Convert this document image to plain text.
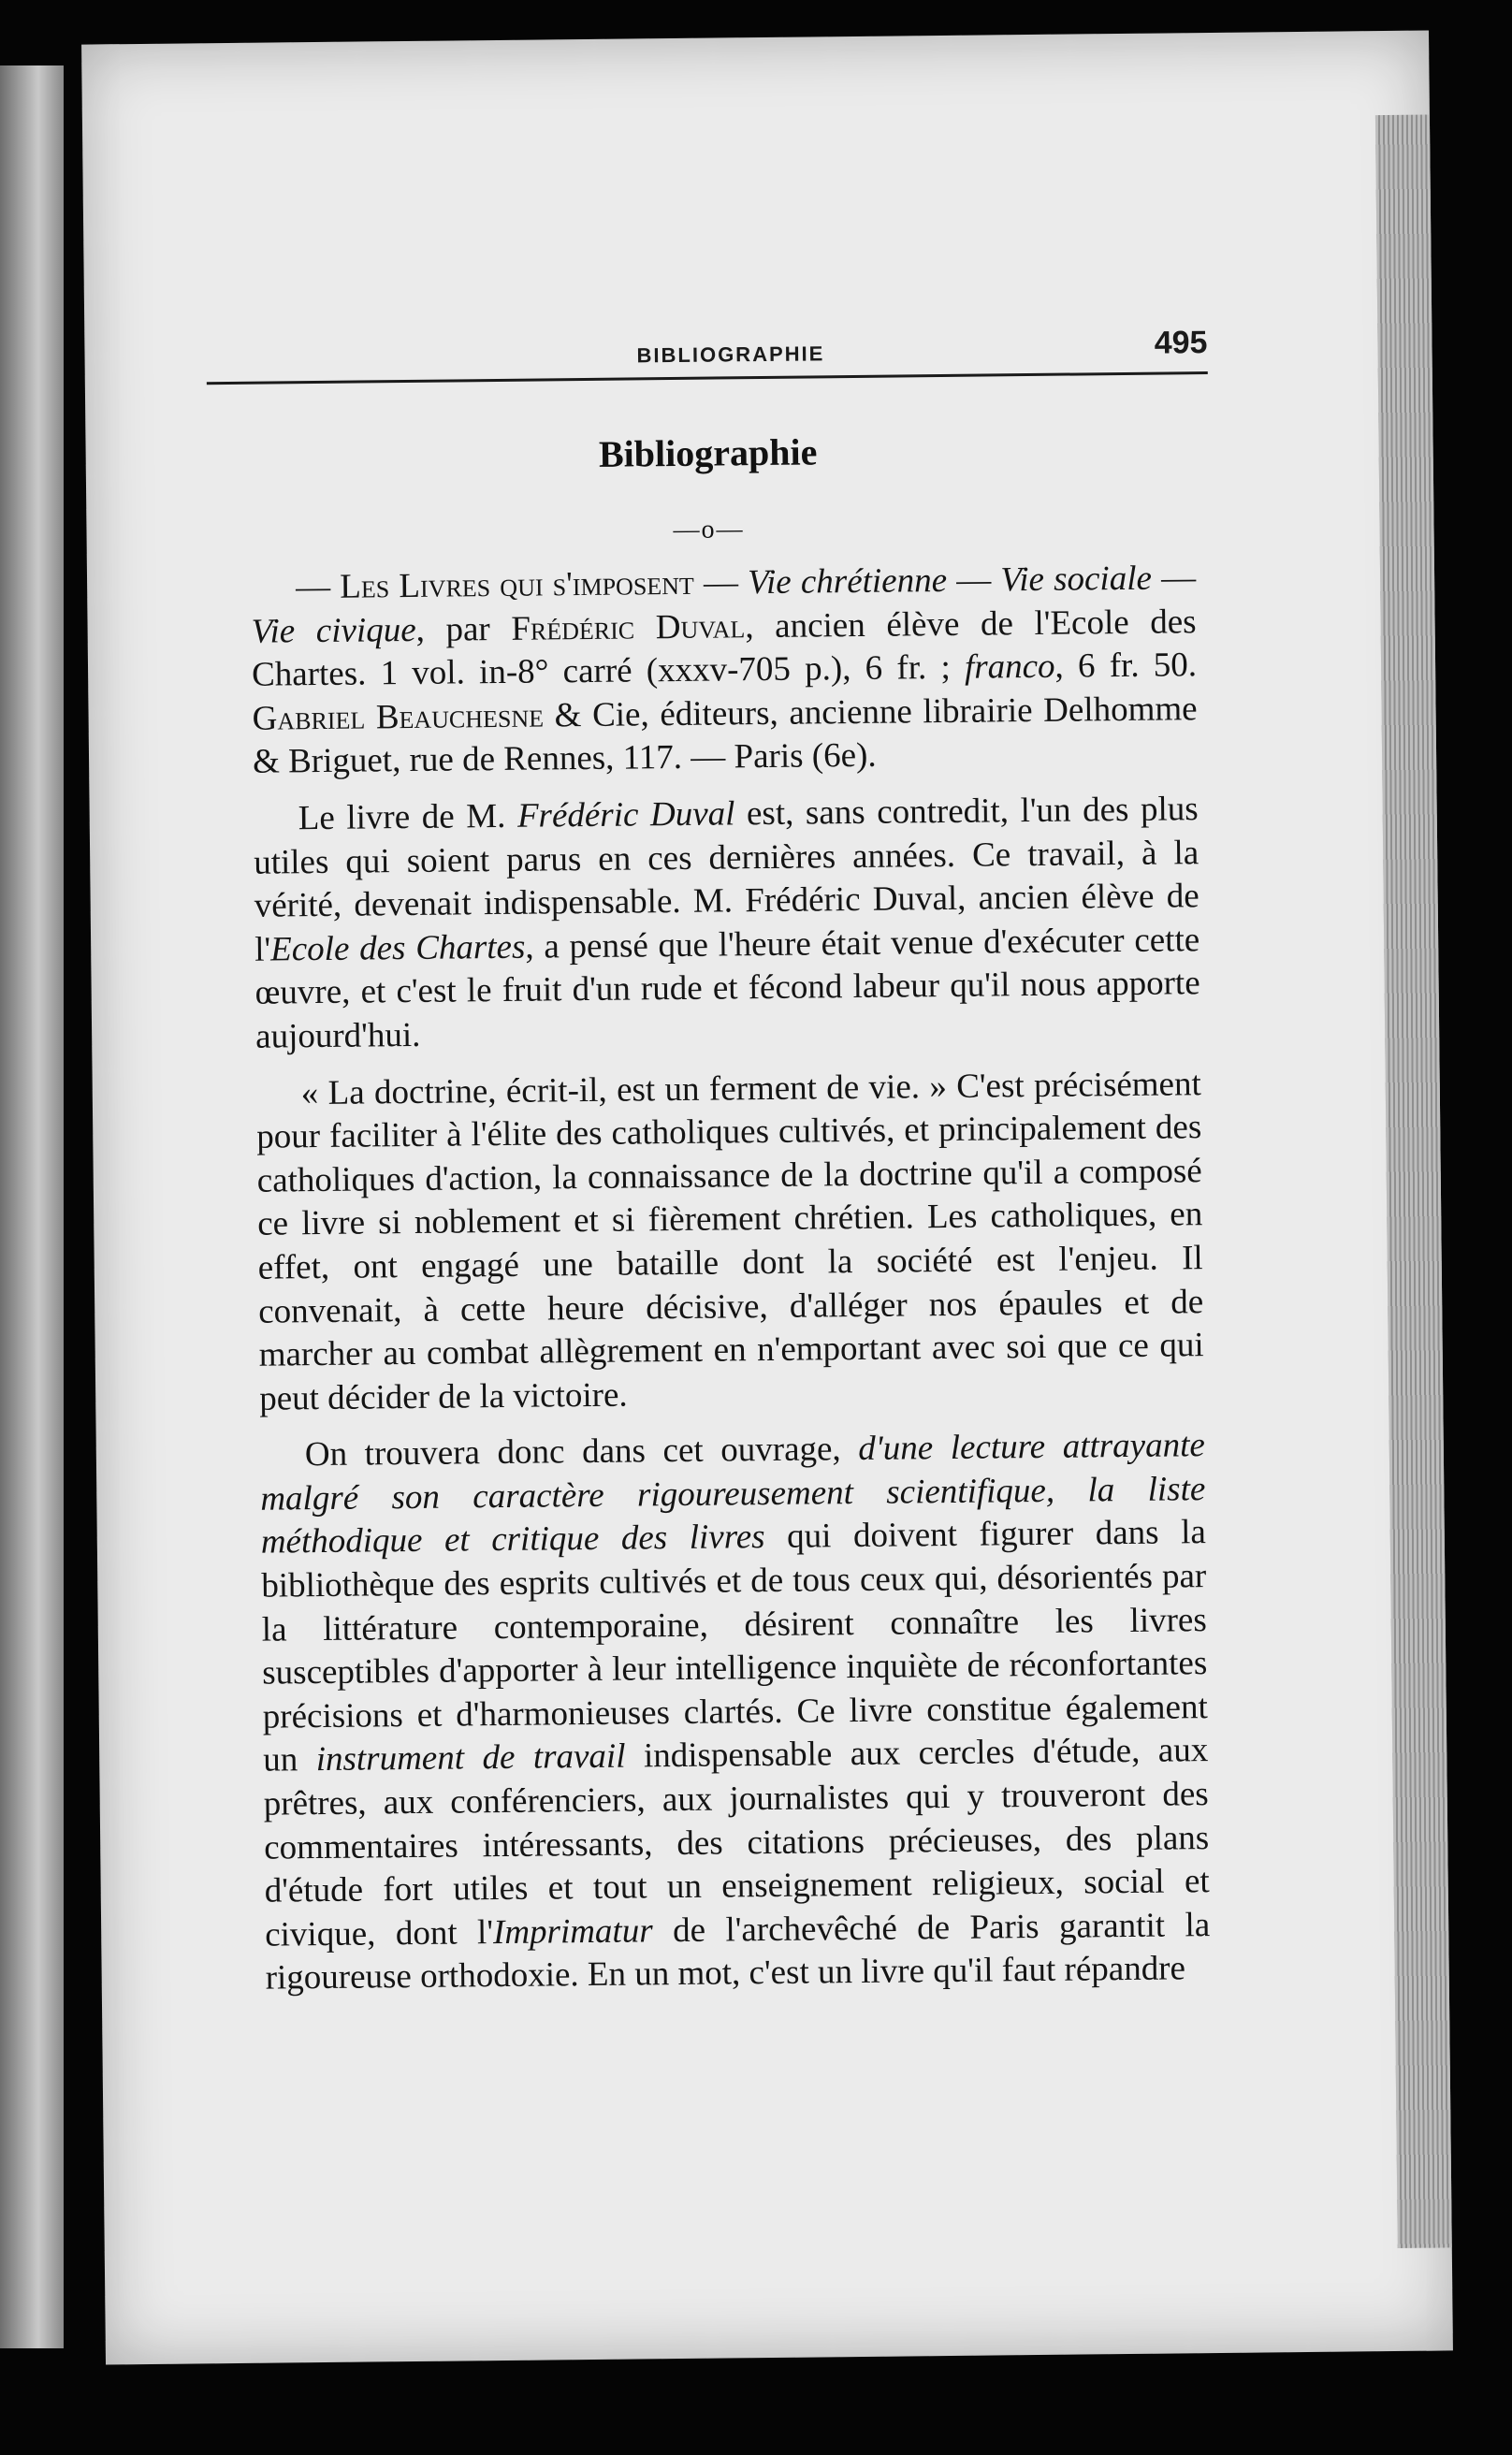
BIBLIOGRAPHIE	495
Bibliographie
—o—

— Les Livres qui s'imposent — Vie chrétienne — Vie sociale — Vie civique, par Frédéric Duval, ancien élève de l'Ecole des Chartes. 1 vol. in-8° carré (xxxv-705 p.), 6 fr. ; franco, 6 fr. 50. Gabriel Beauchesne & Cie, éditeurs, ancienne librairie Delhomme & Briguet, rue de Rennes, 117. — Paris (6e).

Le livre de M. Frédéric Duval est, sans contredit, l'un des plus utiles qui soient parus en ces dernières années. Ce travail, à la vérité, devenait indispensable. M. Frédéric Duval, ancien élève de l'Ecole des Chartes, a pensé que l'heure était venue d'exécuter cette œuvre, et c'est le fruit d'un rude et fécond labeur qu'il nous apporte aujourd'hui.

« La doctrine, écrit-il, est un ferment de vie. » C'est précisément pour faciliter à l'élite des catholiques cultivés, et principalement des catholiques d'action, la connaissance de la doctrine qu'il a composé ce livre si noblement et si fièrement chrétien. Les catholiques, en effet, ont engagé une bataille dont la société est l'enjeu. Il convenait, à cette heure décisive, d'alléger nos épaules et de marcher au combat allègrement en n'emportant avec soi que ce qui peut décider de la victoire.

On trouvera donc dans cet ouvrage, d'une lecture attrayante malgré son caractère rigoureusement scientifique, la liste méthodique et critique des livres qui doivent figurer dans la bibliothèque des esprits cultivés et de tous ceux qui, désorientés par la littérature contemporaine, désirent connaître les livres susceptibles d'apporter à leur intelligence inquiète de réconfortantes précisions et d'harmonieuses clartés. Ce livre constitue également un instrument de travail indispensable aux cercles d'étude, aux prêtres, aux conférenciers, aux journalistes qui y trouveront des commentaires intéressants, des citations précieuses, des plans d'étude fort utiles et tout un enseignement religieux, social et civique, dont l'Imprimatur de l'archevêché de Paris garantit la rigoureuse orthodoxie. En un mot, c'est un livre qu'il faut répandre
